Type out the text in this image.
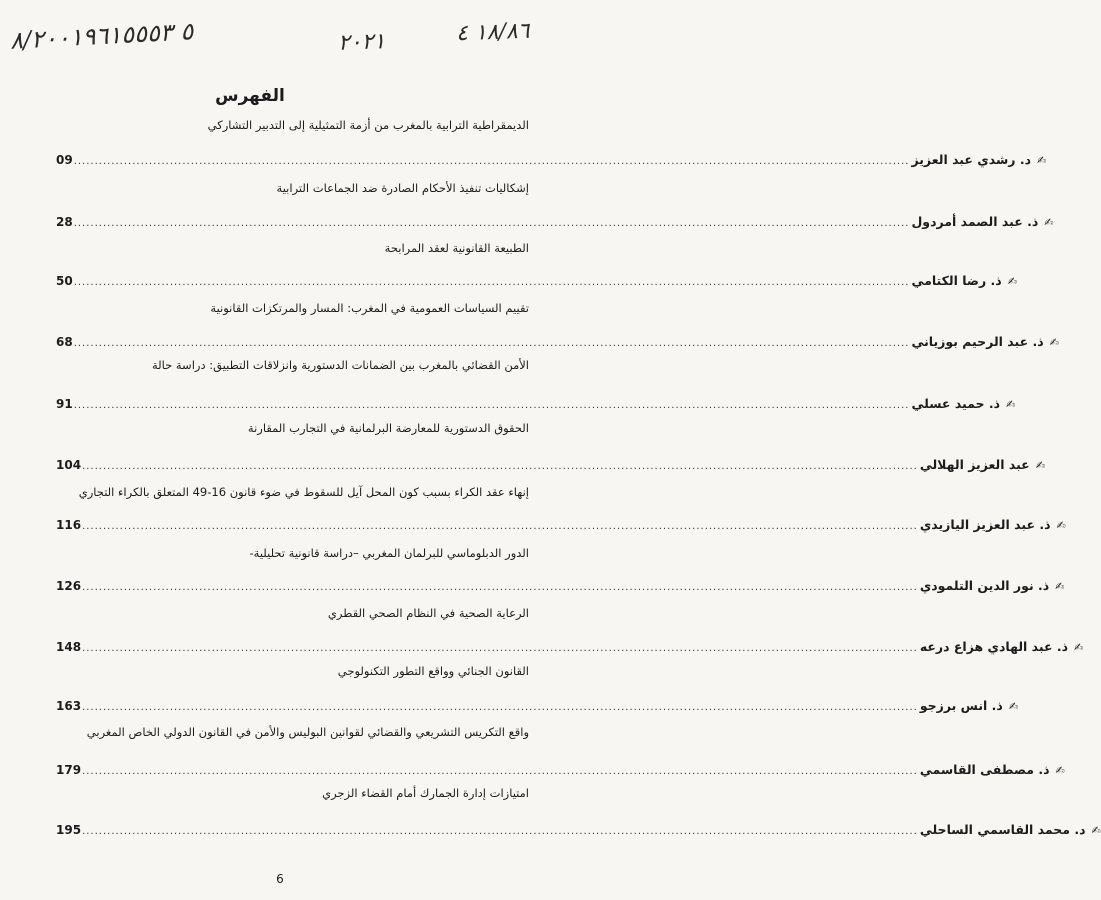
۸/٥ ٢٠٠١٩٦١٥٥٥٣	٢٠٢١	١٨/٨٦ ٤
الفهرس
الديمقراطية الترابية بالمغرب من أزمة التمثيلية إلى التدبير التشاركي
09 ........................................................................................................................................................................................................ د. رشدي عبد العزيز ✍
إشكاليات تنفيذ الأحكام الصادرة ضد الجماعات الترابية
28 ........................................................................................................................................................................................................ ذ. عبد الصمد أمردول ✍
الطبيعة القانونية لعقد المرابحة
50 ........................................................................................................................................................................................................ ذ. رضا الكتامي ✍
تقييم السياسات العمومية في المغرب: المسار والمرتكزات القانونية
68 ........................................................................................................................................................................................................ ذ. عبد الرحيم بوزياني ✍
الأمن القضائي بالمغرب بين الضمانات الدستورية وانزلاقات التطبيق: دراسة حالة
91 ........................................................................................................................................................................................................ ذ. حميد عسلي ✍
الحقوق الدستورية للمعارضة البرلمانية في التجارب المقارنة
104 ........................................................................................................................................................................................................ عبد العزيز الهلالي ✍
إنهاء عقد الكراء بسبب كون المحل آيل للسقوط في ضوء قانون 16-49 المتعلق بالكراء التجاري
116 ........................................................................................................................................................................................................ ذ. عبد العزيز اليازيدي ✍
الدور الدبلوماسي للبرلمان المغربي –دراسة قانونية تحليلية-
126 ........................................................................................................................................................................................................ ذ. نور الدين التلمودي ✍
الرعاية الصحية في النظام الصحي القطري
148 ........................................................................................................................................................................................................ ذ. عبد الهادي هزاع درعه ✍
القانون الجنائي وواقع التطور التكنولوجي
163 ........................................................................................................................................................................................................ ذ. انس برزجو ✍
واقع التكريس التشريعي والقضائي لقوانين البوليس والأمن في القانون الدولي الخاص المغربي
179 ........................................................................................................................................................................................................ ذ. مصطفى القاسمي ✍
امتيازات إدارة الجمارك أمام القضاء الزجري
195 ........................................................................................................................................................................................................ د. محمد القاسمي الساحلي ✍
6
